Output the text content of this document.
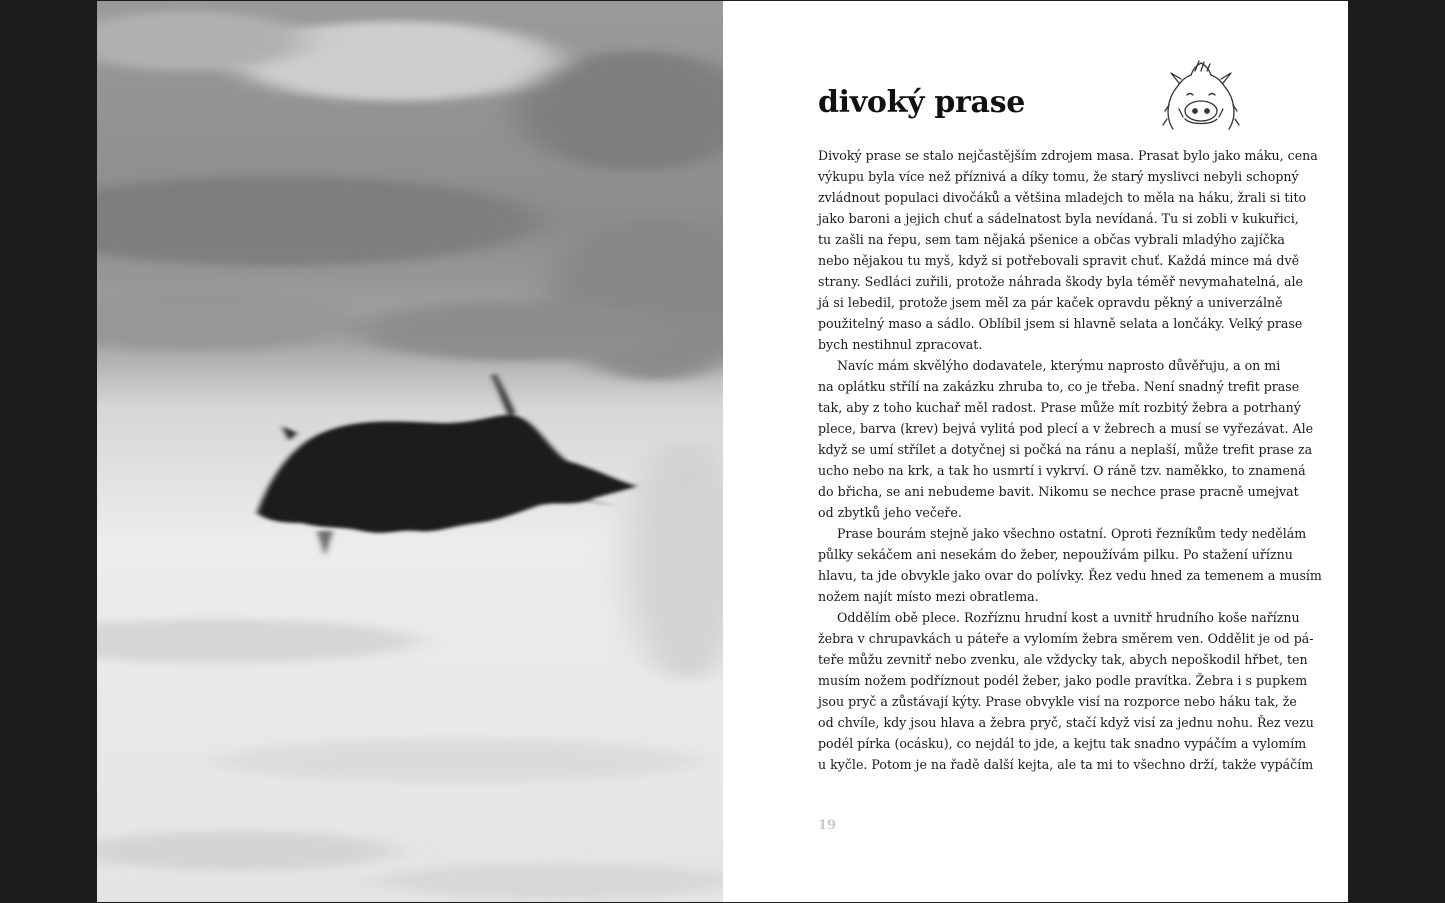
divoký prase

Divoký prase se stalo nejčastějším zdrojem masa. Prasat bylo jako máku, cena

výkupu byla více než příznivá a díky tomu, že starý myslivci nebyli schopný

zvládnout populaci divočáků a většina mladejch to měla na háku, žrali si tito

jako baroni a jejich chuť a sádelnatost byla nevídaná. Tu si zobli v kukuřici,

tu zašli na řepu, sem tam nějaká pšenice a občas vybrali mladýho zajíčka

nebo nějakou tu myš, když si potřebovali spravit chuť. Každá mince má dvě

strany. Sedláci zuřili, protože náhrada škody byla téměř nevymahatelná, ale

já si lebedil, protože jsem měl za pár kaček opravdu pěkný a univerzálně

použitelný maso a sádlo. Oblíbil jsem si hlavně selata a lončáky. Velký prase

bych nestihnul zpracovat.

Navíc mám skvělýho dodavatele, kterýmu naprosto důvěřuju, a on mi

na oplátku střílí na zakázku zhruba to, co je třeba. Není snadný trefit prase

tak, aby z toho kuchař měl radost. Prase může mít rozbitý žebra a potrhaný

plece, barva (krev) bejvá vylitá pod plecí a v žebrech a musí se vyřezávat. Ale

když se umí střílet a dotyčnej si počká na ránu a neplaší, může trefit prase za

ucho nebo na krk, a tak ho usmrtí i vykrví. O ráně tzv. naměkko, to znamená

do břicha, se ani nebudeme bavit. Nikomu se nechce prase pracně umejvat

od zbytků jeho večeře.

Prase bourám stejně jako všechno ostatní. Oproti řezníkům tedy nedělám

půlky sekáčem ani nesekám do žeber, nepoužívám pilku. Po stažení uříznu

hlavu, ta jde obvykle jako ovar do polívky. Řez vedu hned za temenem a musím

nožem najít místo mezi obratlema.

Oddělím obě plece. Rozříznu hrudní kost a uvnitř hrudního koše naříznu

žebra v chrupavkách u páteře a vylomím žebra směrem ven. Oddělit je od pá-

teře můžu zevnitř nebo zvenku, ale vždycky tak, abych nepoškodil hřbet, ten

musím nožem podříznout podél žeber, jako podle pravítka. Žebra i s pupkem

jsou pryč a zůstávají kýty. Prase obvykle visí na rozporce nebo háku tak, že

od chvíle, kdy jsou hlava a žebra pryč, stačí když visí za jednu nohu. Řez vezu

podél pírka (ocásku), co nejdál to jde, a kejtu tak snadno vypáčím a vylomím

u kyčle. Potom je na řadě další kejta, ale ta mi to všechno drží, takže vypáčím

19
